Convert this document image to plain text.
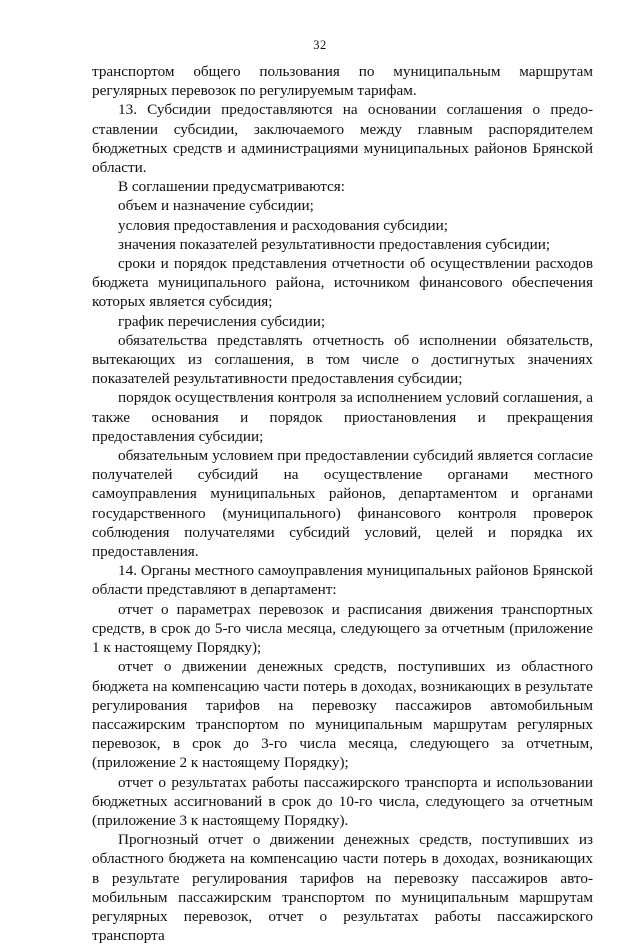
32

транспортом общего пользования по муниципальным маршрутам регулярных перевозок по регулируемым тарифам.

13. Субсидии предоставляются на основании соглашения о предоставлении субсидии, заключаемого между главным распорядителем бюджетных средств и администрациями муниципальных районов Брянской области.

В соглашении предусматриваются:

объем и назначение субсидии;

условия предоставления и расходования субсидии;

значения показателей результативности предоставления субсидии;

сроки и порядок представления отчетности об осуществлении расходов бюджета муниципального района, источником финансового обеспечения которых является субсидия;

график перечисления субсидии;

обязательства представлять отчетность об исполнении обязательств, вытекающих из соглашения, в том числе о достигнутых значениях показателей результативности предоставления субсидии;

порядок осуществления контроля за исполнением условий соглашения, а также основания и порядок приостановления и прекращения предоставления субсидии;

обязательным условием при предоставлении субсидий является согласие получателей субсидий на осуществление органами местного самоуправления муниципальных районов, департаментом и органами государственного (муниципального) финансового контроля проверок соблюдения получателями субсидий условий, целей и порядка их предоставления.

14. Органы местного самоуправления муниципальных районов Брянской области представляют в департамент:

отчет о параметрах перевозок и расписания движения транспортных средств, в срок до 5-го числа месяца, следующего за отчетным (приложение 1 к настоящему Порядку);

отчет о движении денежных средств, поступивших из областного бюджета на компенсацию части потерь в доходах, возникающих в результате регулирования тарифов на перевозку пассажиров автомобильным пассажирским транспортом по муниципальным маршрутам регулярных перевозок, в срок до 3-го числа месяца, следующего за отчетным, (приложение 2 к настоящему Порядку);

отчет о результатах работы пассажирского транспорта и использовании бюджетных ассигнований в срок до 10-го числа, следующего за отчетным (приложение 3 к настоящему Порядку).

Прогнозный отчет о движении денежных средств, поступивших из областного бюджета на компенсацию части потерь в доходах, возникающих в результате регулирования тарифов на перевозку пассажиров автомобильным пассажирским транспортом по муниципальным маршрутам регулярных перевозок, отчет о результатах работы пассажирского транспорта
